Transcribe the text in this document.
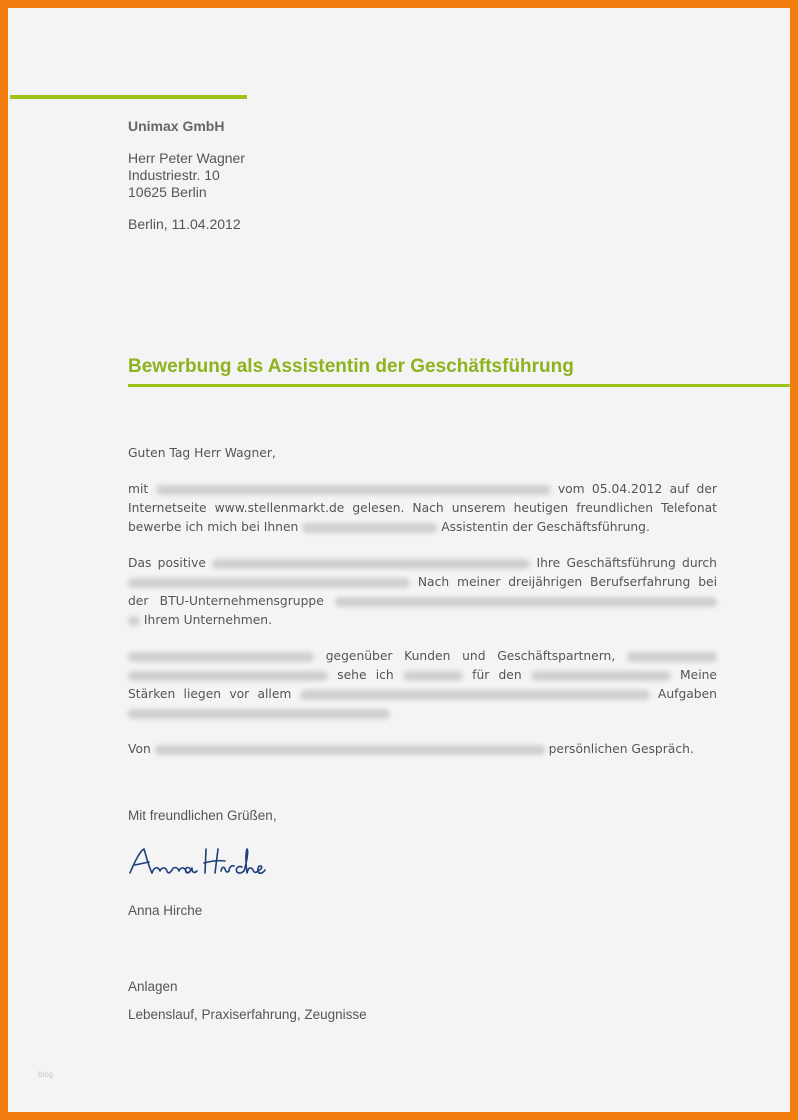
Unimax GmbH
Herr Peter Wagner
Industriestr. 10
10625 Berlin
Berlin, 11.04.2012
Bewerbung als Assistentin der Geschäftsführung

Guten Tag Herr Wagner,

mit	vom 05.04.2012 auf der Internetseite www.stellenmarkt.de gelesen. Nach unserem heutigen freundlichen Telefonat bewerbe ich mich bei Ihnen	Assistentin der Geschäftsführung.

Das positive	Ihre Geschäftsführung durch  Nach meiner dreijährigen Berufserfahrung bei der BTU-Unternehmensgruppe   Ihrem Unternehmen.

gegenüber Kunden und Geschäftspartnern,   sehe ich	für den	Meine Stärken liegen vor allem	Aufgaben

Von	persönlichen Gespräch.

Mit freundlichen Grüßen,
Anna Hirche
Anlagen
Lebenslauf, Praxiserfahrung, Zeugnisse
blog
